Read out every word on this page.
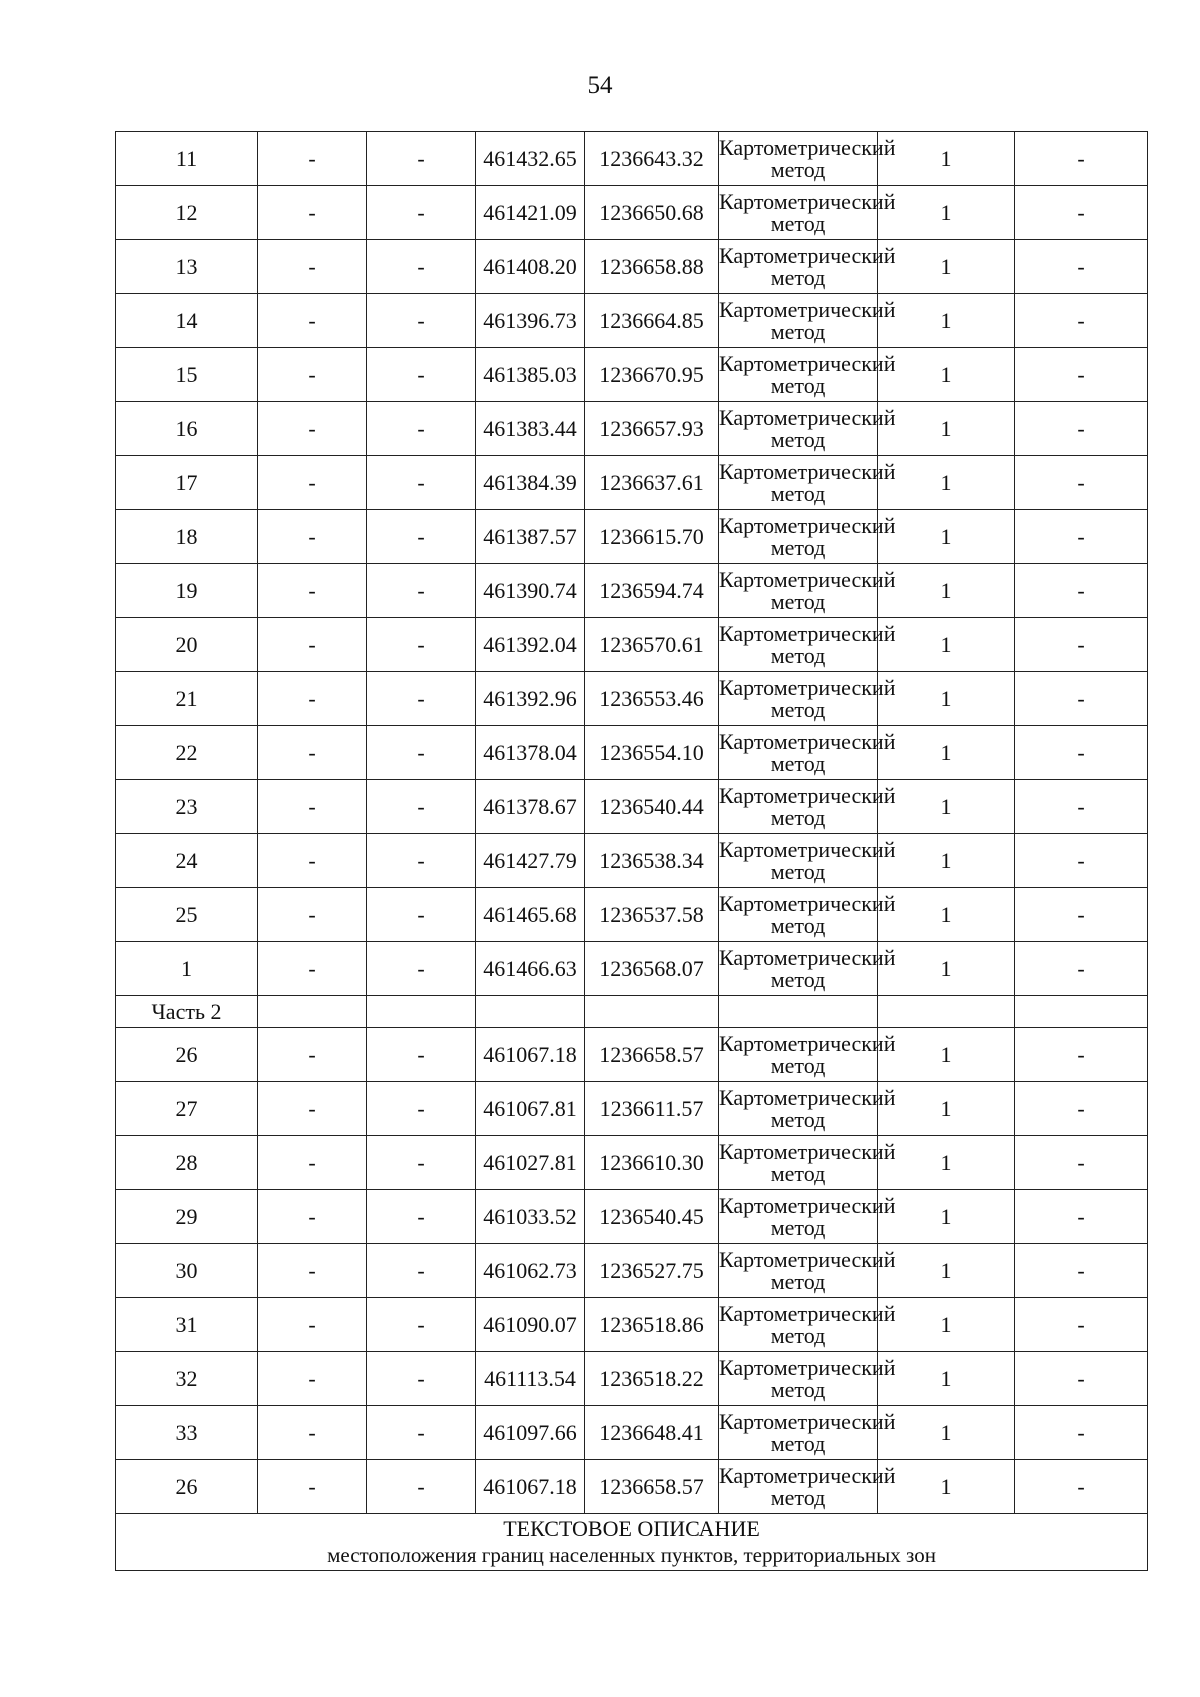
54
11	-	-	461432.65	1236643.32	Картометрический метод	1	-
12	-	-	461421.09	1236650.68	Картометрический метод	1	-
13	-	-	461408.20	1236658.88	Картометрический метод	1	-
14	-	-	461396.73	1236664.85	Картометрический метод	1	-
15	-	-	461385.03	1236670.95	Картометрический метод	1	-
16	-	-	461383.44	1236657.93	Картометрический метод	1	-
17	-	-	461384.39	1236637.61	Картометрический метод	1	-
18	-	-	461387.57	1236615.70	Картометрический метод	1	-
19	-	-	461390.74	1236594.74	Картометрический метод	1	-
20	-	-	461392.04	1236570.61	Картометрический метод	1	-
21	-	-	461392.96	1236553.46	Картометрический метод	1	-
22	-	-	461378.04	1236554.10	Картометрический метод	1	-
23	-	-	461378.67	1236540.44	Картометрический метод	1	-
24	-	-	461427.79	1236538.34	Картометрический метод	1	-
25	-	-	461465.68	1236537.58	Картометрический метод	1	-
1	-	-	461466.63	1236568.07	Картометрический метод	1	-
Часть 2							
26	-	-	461067.18	1236658.57	Картометрический метод	1	-
27	-	-	461067.81	1236611.57	Картометрический метод	1	-
28	-	-	461027.81	1236610.30	Картометрический метод	1	-
29	-	-	461033.52	1236540.45	Картометрический метод	1	-
30	-	-	461062.73	1236527.75	Картометрический метод	1	-
31	-	-	461090.07	1236518.86	Картометрический метод	1	-
32	-	-	461113.54	1236518.22	Картометрический метод	1	-
33	-	-	461097.66	1236648.41	Картометрический метод	1	-
26	-	-	461067.18	1236658.57	Картометрический метод	1	-

ТЕКСТОВОЕ ОПИСАНИЕ
местоположения границ населенных пунктов, территориальных зон							
